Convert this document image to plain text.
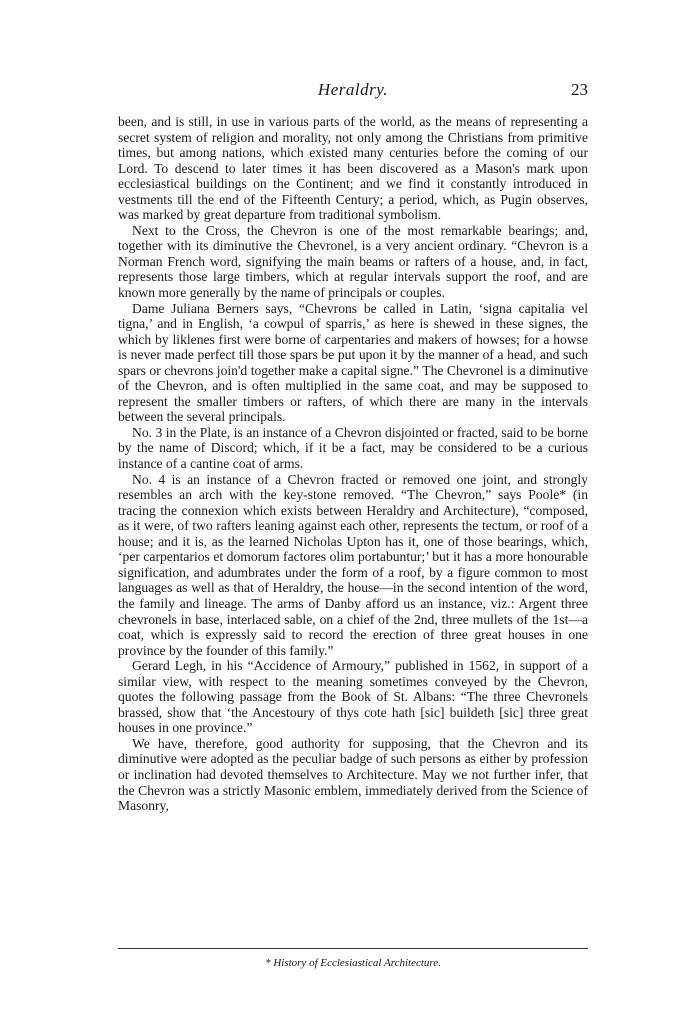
Heraldry.	23

been, and is still, in use in various parts of the world, as the means of representing a secret system of religion and morality, not only among the Christians from primitive times, but among nations, which existed many centuries before the coming of our Lord. To descend to later times it has been discovered as a Mason's mark upon ecclesiastical buildings on the Continent; and we find it constantly introduced in vestments till the end of the Fifteenth Century; a period, which, as Pugin observes, was marked by great departure from traditional symbolism.

Next to the Cross, the Chevron is one of the most remarkable bearings; and, together with its diminutive the Chevronel, is a very ancient ordinary. “Chevron is a Norman French word, signifying the main beams or rafters of a house, and, in fact, represents those large timbers, which at regular intervals support the roof, and are known more generally by the name of principals or couples.

Dame Juliana Berners says, “Chevrons be called in Latin, ‘signa capitalia vel tigna,’ and in English, ‘a cowpul of sparris,’ as here is shewed in these signes, the which by liklenes first were borne of carpentaries and makers of howses; for a howse is never made perfect till those spars be put upon it by the manner of a head, and such spars or chevrons join'd together make a capital signe.” The Chevronel is a diminutive of the Chevron, and is often multiplied in the same coat, and may be supposed to represent the smaller timbers or rafters, of which there are many in the intervals between the several principals.

No. 3 in the Plate, is an instance of a Chevron disjointed or fracted, said to be borne by the name of Discord; which, if it be a fact, may be considered to be a curious instance of a cantine coat of arms.

No. 4 is an instance of a Chevron fracted or removed one joint, and strongly resembles an arch with the key-stone removed. “The Chevron,” says Poole* (in tracing the connexion which exists between Heraldry and Architecture), “composed, as it were, of two rafters leaning against each other, represents the tectum, or roof of a house; and it is, as the learned Nicholas Upton has it, one of those bearings, which, ‘per carpentarios et domorum factores olim portabuntur;’ but it has a more honourable signification, and adumbrates under the form of a roof, by a figure common to most languages as well as that of Heraldry, the house—in the second intention of the word, the family and lineage. The arms of Danby afford us an instance, viz.: Argent three chevronels in base, interlaced sable, on a chief of the 2nd, three mullets of the 1st—a coat, which is expressly said to record the erection of three great houses in one province by the founder of this family.”

Gerard Legh, in his “Accidence of Armoury,” published in 1562, in support of a similar view, with respect to the meaning sometimes conveyed by the Chevron, quotes the following passage from the Book of St. Albans: “The three Chevronels brassed, show that ‘the Ancestoury of thys cote hath [sic] buildeth [sic] three great houses in one province.”

We have, therefore, good authority for supposing, that the Chevron and its diminutive were adopted as the peculiar badge of such persons as either by profession or inclination had devoted themselves to Architecture. May we not further infer, that the Chevron was a strictly Masonic emblem, immediately derived from the Science of Masonry,

* History of Ecclesiastical Architecture.
